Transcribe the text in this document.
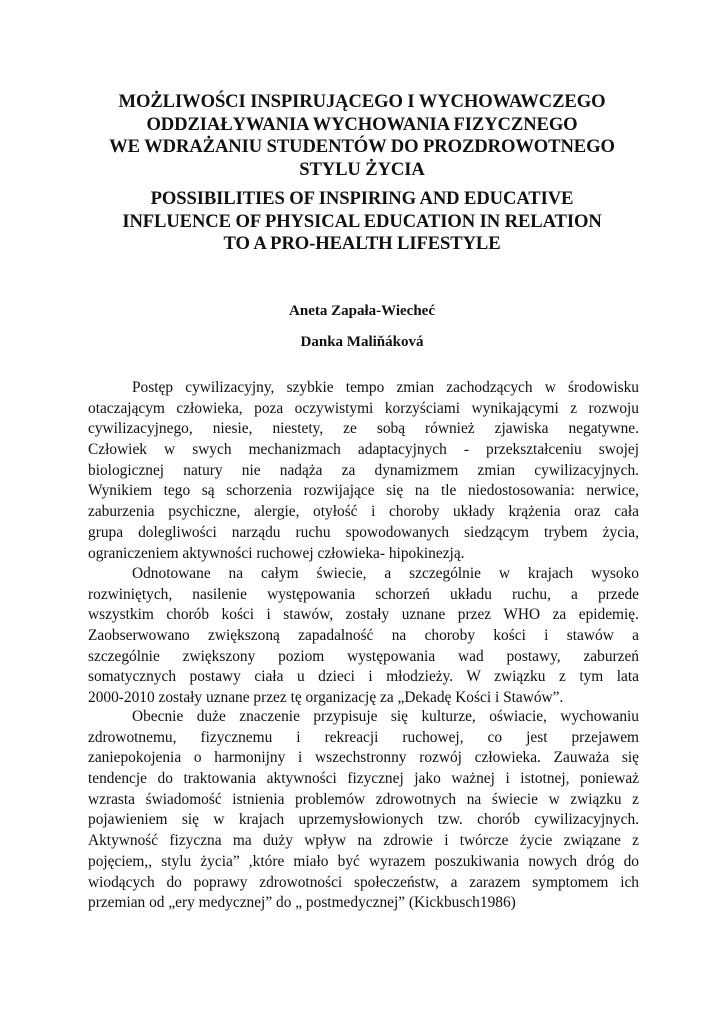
MOŻLIWOŚCI INSPIRUJĄCEGO I WYCHOWAWCZEGO
ODDZIAŁYWANIA WYCHOWANIA FIZYCZNEGO
WE WDRAŻANIU STUDENTÓW DO PROZDROWOTNEGO
STYLU ŻYCIA
POSSIBILITIES OF INSPIRING AND EDUCATIVE
INFLUENCE OF PHYSICAL EDUCATION IN RELATION
TO A PRO-HEALTH LIFESTYLE
Aneta Zapała-Wiecheć
Danka Maliňáková
Postęp cywilizacyjny, szybkie tempo zmian zachodzących w środowisku
otaczającym człowieka, poza oczywistymi korzyściami wynikającymi z rozwoju
cywilizacyjnego, niesie, niestety, ze sobą również zjawiska negatywne.
Człowiek w swych mechanizmach adaptacyjnych - przekształceniu swojej
biologicznej natury nie nadąża za dynamizmem zmian cywilizacyjnych.
Wynikiem tego są schorzenia rozwijające się na tle niedostosowania: nerwice,
zaburzenia psychiczne, alergie, otyłość i choroby układy krążenia oraz cała
grupa dolegliwości narządu ruchu spowodowanych siedzącym trybem życia,
ograniczeniem aktywności ruchowej człowieka- hipokinezją.
Odnotowane na całym świecie, a szczególnie w krajach wysoko
rozwiniętych, nasilenie występowania schorzeń układu ruchu, a przede
wszystkim chorób kości i stawów, zostały uznane przez WHO za epidemię.
Zaobserwowano zwiększoną zapadalność na choroby kości i stawów a
szczególnie zwiększony poziom występowania wad postawy, zaburzeń
somatycznych postawy ciała u dzieci i młodzieży. W związku z tym lata
2000-2010 zostały uznane przez tę organizację za „Dekadę Kości i Stawów”.
Obecnie duże znaczenie przypisuje się kulturze, oświacie, wychowaniu
zdrowotnemu, fizycznemu i rekreacji ruchowej, co jest przejawem
zaniepokojenia o harmonijny i wszechstronny rozwój człowieka. Zauważa się
tendencje do traktowania aktywności fizycznej jako ważnej i istotnej, ponieważ
wzrasta świadomość istnienia problemów zdrowotnych na świecie w związku z
pojawieniem się w krajach uprzemysłowionych tzw. chorób cywilizacyjnych.
Aktywność fizyczna ma duży wpływ na zdrowie i twórcze życie związane z
pojęciem,, stylu życia” ,które miało być wyrazem poszukiwania nowych dróg do
wiodących do poprawy zdrowotności społeczeństw, a zarazem symptomem ich
przemian od „ery medycznej” do „ postmedycznej” (Kickbusch1986)
